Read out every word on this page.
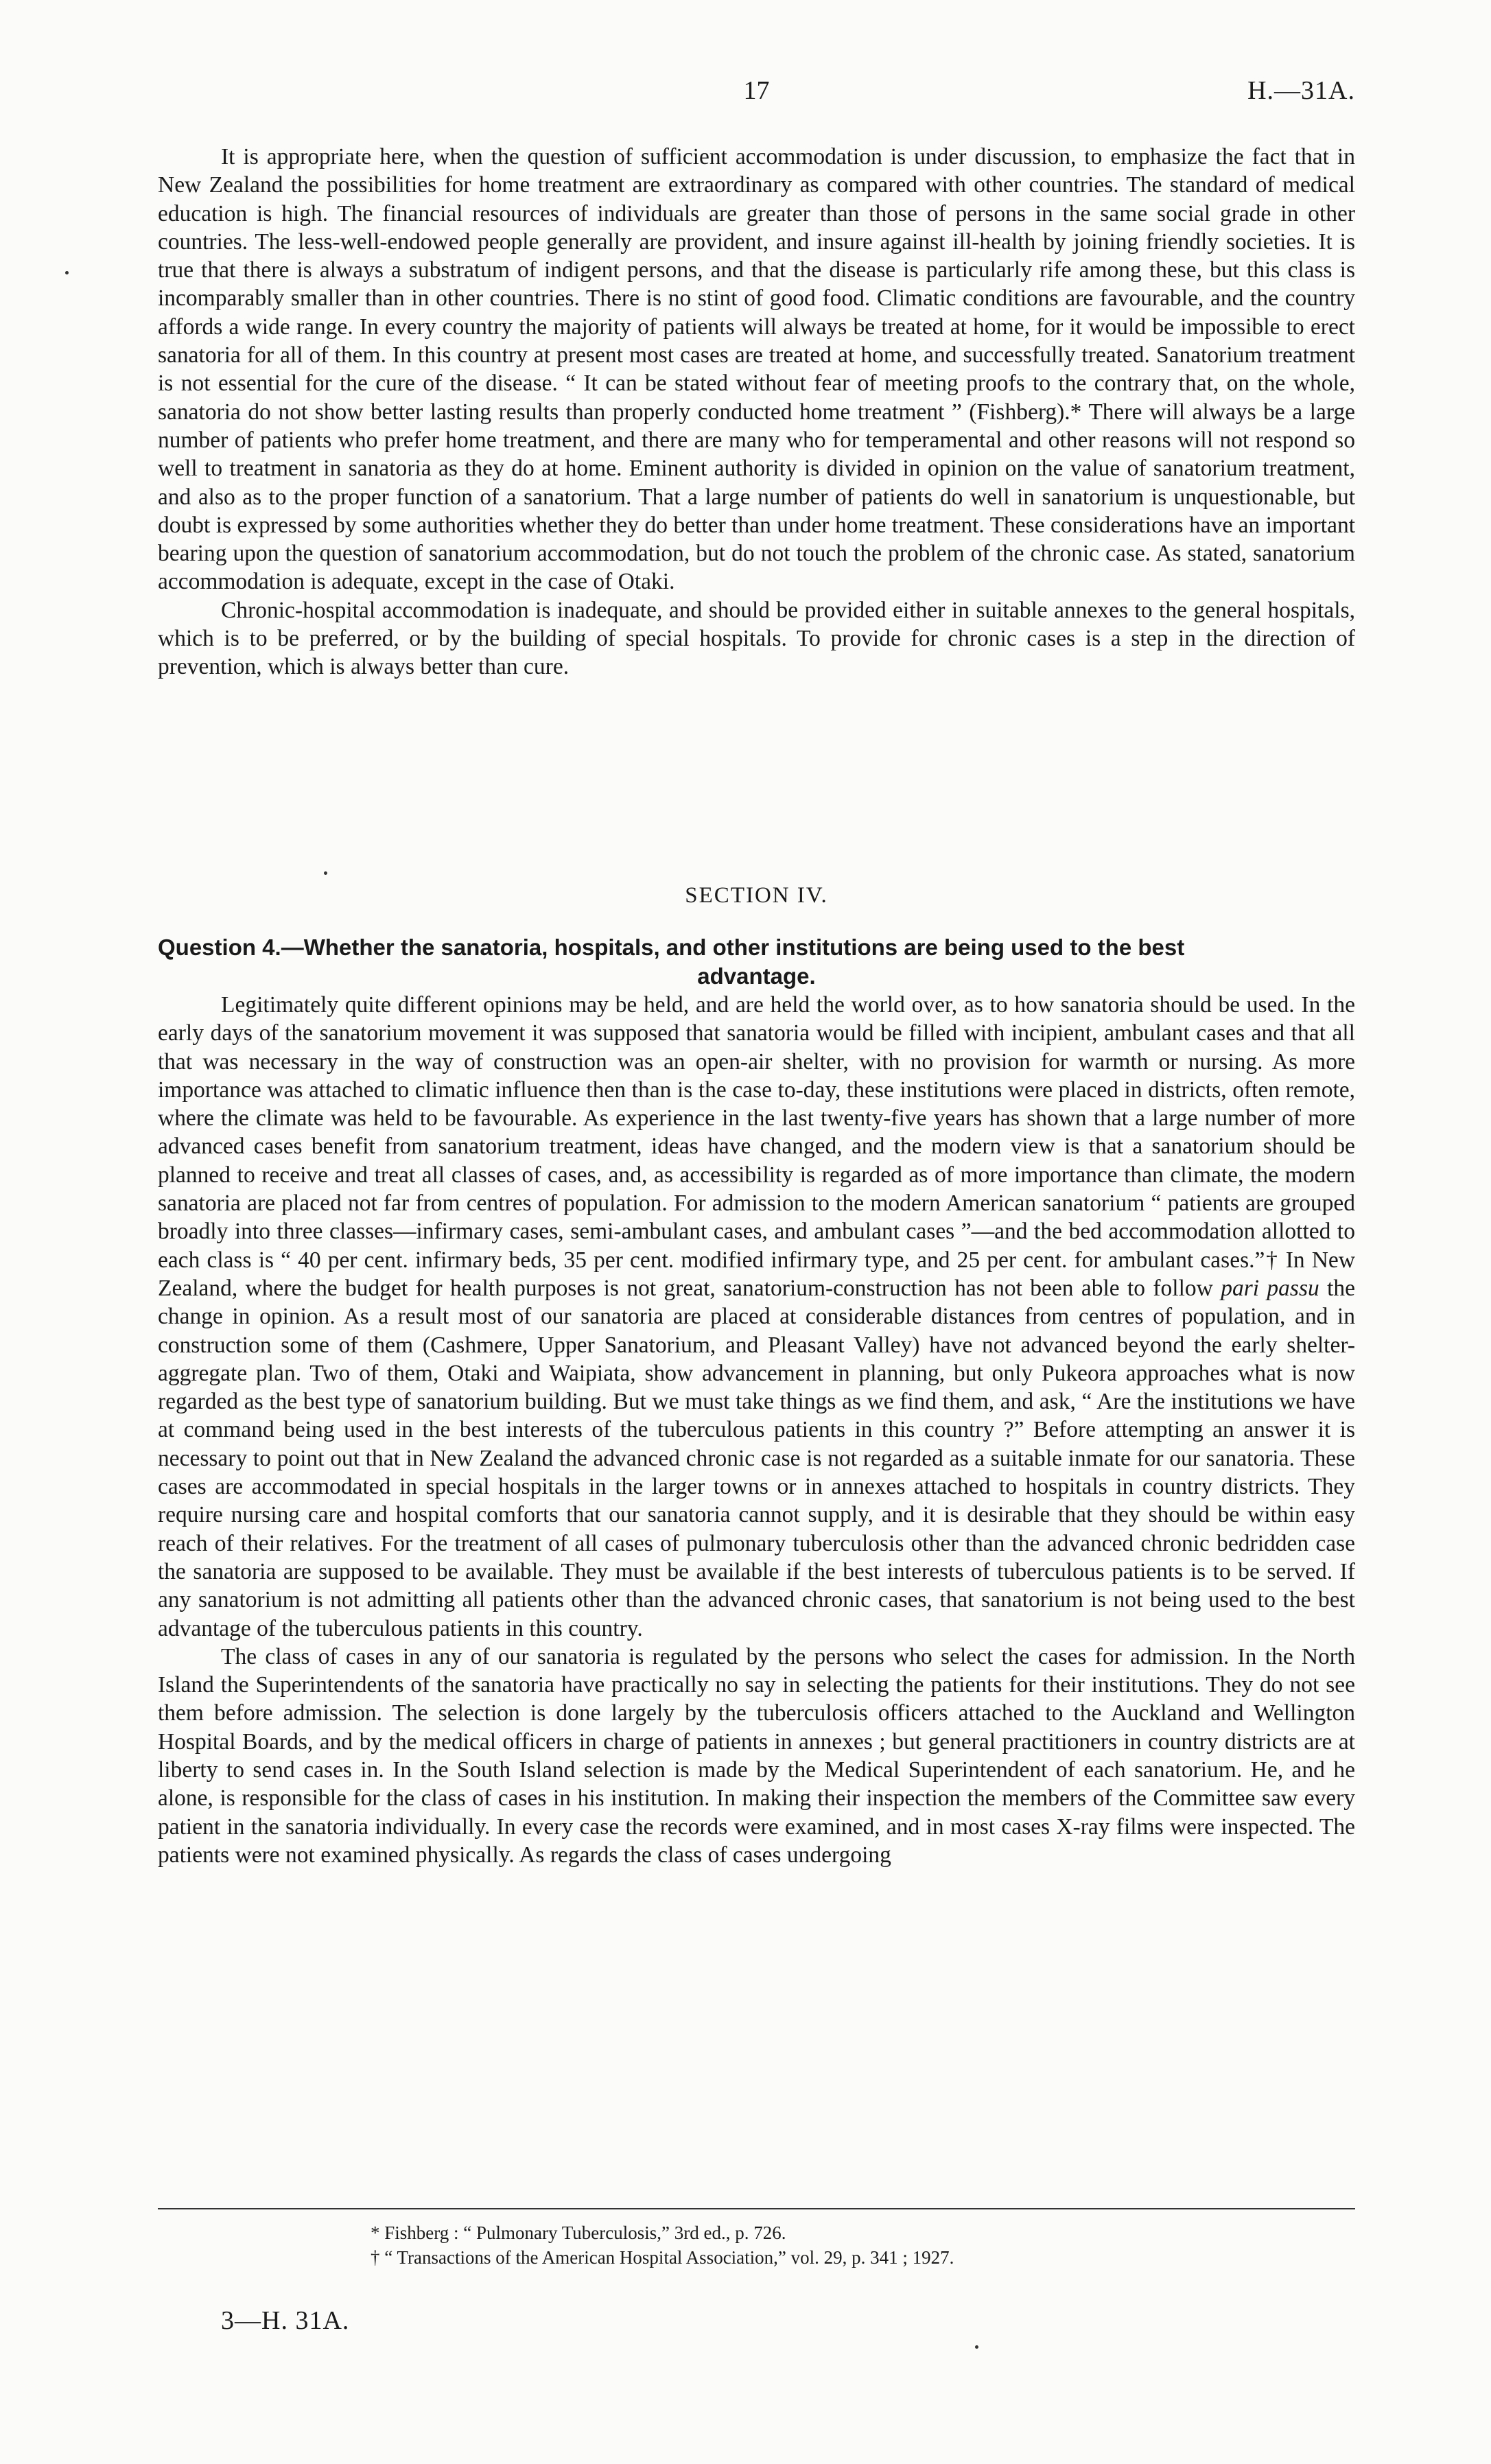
17	H.—31A.

It is appropriate here, when the question of sufficient accommodation is under discussion, to emphasize the fact that in New Zealand the possibilities for home treatment are extraordinary as compared with other countries. The standard of medical education is high. The financial resources of individuals are greater than those of persons in the same social grade in other countries. The less-well-endowed people generally are provident, and insure against ill-health by joining friendly societies. It is true that there is always a substratum of indigent persons, and that the disease is particularly rife among these, but this class is incomparably smaller than in other countries. There is no stint of good food. Climatic conditions are favourable, and the country affords a wide range. In every country the majority of patients will always be treated at home, for it would be impossible to erect sanatoria for all of them. In this country at present most cases are treated at home, and successfully treated. Sanatorium treatment is not essential for the cure of the disease. “ It can be stated without fear of meeting proofs to the contrary that, on the whole, sanatoria do not show better lasting results than properly conducted home treatment ” (Fishberg).* There will always be a large number of patients who prefer home treatment, and there are many who for temperamental and other reasons will not respond so well to treatment in sanatoria as they do at home. Eminent authority is divided in opinion on the value of sanatorium treatment, and also as to the proper function of a sanatorium. That a large number of patients do well in sanatorium is unquestionable, but doubt is expressed by some authorities whether they do better than under home treatment. These considerations have an important bearing upon the question of sanatorium accommodation, but do not touch the problem of the chronic case. As stated, sanatorium accommodation is adequate, except in the case of Otaki.

Chronic-hospital accommodation is inadequate, and should be provided either in suitable annexes to the general hospitals, which is to be preferred, or by the building of special hospitals. To provide for chronic cases is a step in the direction of prevention, which is always better than cure.

SECTION IV.
Question 4.—Whether the sanatoria, hospitals, and other institutions are being used to the best
advantage.

Legitimately quite different opinions may be held, and are held the world over, as to how sanatoria should be used. In the early days of the sanatorium movement it was supposed that sanatoria would be filled with incipient, ambulant cases and that all that was necessary in the way of construction was an open-air shelter, with no provision for warmth or nursing. As more importance was attached to climatic influence then than is the case to-day, these institutions were placed in districts, often remote, where the climate was held to be favourable. As experience in the last twenty-five years has shown that a large number of more advanced cases benefit from sanatorium treatment, ideas have changed, and the modern view is that a sanatorium should be planned to receive and treat all classes of cases, and, as accessibility is regarded as of more importance than climate, the modern sanatoria are placed not far from centres of population. For admission to the modern American sanatorium “ patients are grouped broadly into three classes—infirmary cases, semi-ambulant cases, and ambulant cases ”—and the bed accommodation allotted to each class is “ 40 per cent. infirmary beds, 35 per cent. modified infirmary type, and 25 per cent. for ambulant cases.”† In New Zealand, where the budget for health purposes is not great, sanatorium-construction has not been able to follow pari passu the change in opinion. As a result most of our sanatoria are placed at considerable distances from centres of population, and in construction some of them (Cashmere, Upper Sanatorium, and Pleasant Valley) have not advanced beyond the early shelter-aggregate plan. Two of them, Otaki and Waipiata, show advancement in planning, but only Pukeora approaches what is now regarded as the best type of sanatorium building. But we must take things as we find them, and ask, “ Are the institutions we have at command being used in the best interests of the tuberculous patients in this country ?” Before attempting an answer it is necessary to point out that in New Zealand the advanced chronic case is not regarded as a suitable inmate for our sanatoria. These cases are accommodated in special hospitals in the larger towns or in annexes attached to hospitals in country districts. They require nursing care and hospital comforts that our sanatoria cannot supply, and it is desirable that they should be within easy reach of their relatives. For the treatment of all cases of pulmonary tuberculosis other than the advanced chronic bedridden case the sanatoria are supposed to be available. They must be available if the best interests of tuberculous patients is to be served. If any sanatorium is not admitting all patients other than the advanced chronic cases, that sanatorium is not being used to the best advantage of the tuberculous patients in this country.

The class of cases in any of our sanatoria is regulated by the persons who select the cases for admission. In the North Island the Superintendents of the sanatoria have practically no say in selecting the patients for their institutions. They do not see them before admission. The selection is done largely by the tuberculosis officers attached to the Auckland and Wellington Hospital Boards, and by the medical officers in charge of patients in annexes ; but general practitioners in country districts are at liberty to send cases in. In the South Island selection is made by the Medical Superintendent of each sanatorium. He, and he alone, is responsible for the class of cases in his institution. In making their inspection the members of the Committee saw every patient in the sanatoria individually. In every case the records were examined, and in most cases X-ray films were inspected. The patients were not examined physically. As regards the class of cases undergoing

* Fishberg : “ Pulmonary Tuberculosis,” 3rd ed., p. 726.
† “ Transactions of the American Hospital Association,” vol. 29, p. 341 ; 1927.
3—H. 31A.
